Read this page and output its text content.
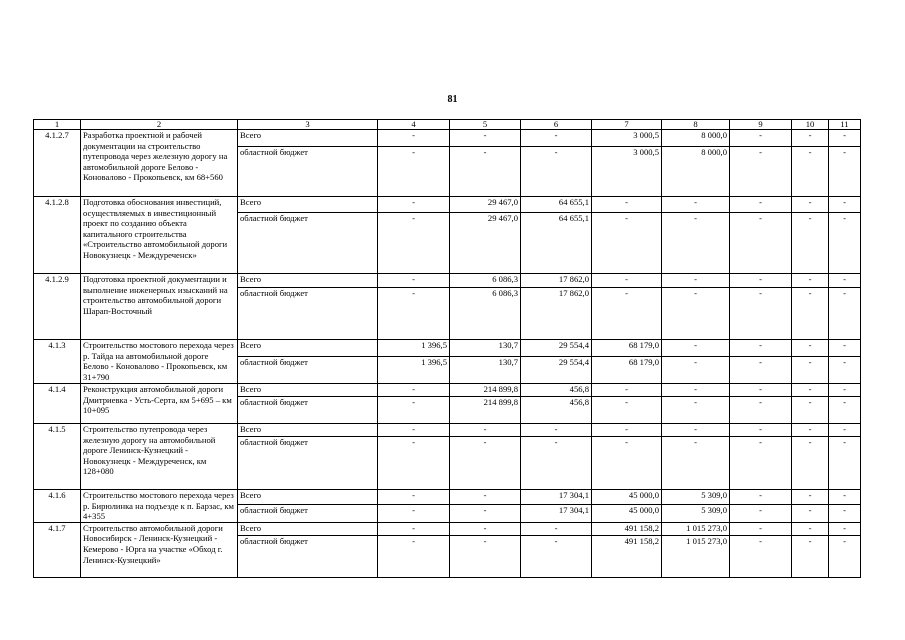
81
1	2	3	4	5	6	7	8	9	10	11
4.1.2.7	Разработка проектной и рабочей документации на строительство путепровода через железную дорогу на автомобильной дороге Белово - Коновалово - Прокопьевск, км 68+560	Всего	-	-	-	3 000,5	8 000,0	-	-	-
		областной бюджет	-	-	-	3 000,5	8 000,0	-	-	-
4.1.2.8	Подготовка обоснования инвестиций, осуществляемых в инвестиционный проект по созданию объекта капитального строительства «Строительство автомобильной дороги Новокузнецк - Междуреченск»	Всего	-	29 467,0	64 655,1	-	-	-	-	-
		областной бюджет	-	29 467,0	64 655,1	-	-	-	-	-
4.1.2.9	Подготовка проектной документации и выполнение инженерных изысканий на строительство автомобильной дороги Шарап-Восточный	Всего	-	6 086,3	17 862,0	-	-	-	-	-
		областной бюджет	-	6 086,3	17 862,0	-	-	-	-	-
4.1.3	Строительство мостового перехода через р. Тайда на автомобильной дороге Белово - Коновалово - Прокопьевск, км 31+790	Всего	1 396,5	130,7	29 554,4	68 179,0	-	-	-	-
		областной бюджет	1 396,5	130,7	29 554,4	68 179,0	-	-	-	-
4.1.4	Реконструкция автомобильной дороги Дмитриевка - Усть-Серта, км 5+695 – км 10+095	Всего	-	214 899,8	456,8	-	-	-	-	-
		областной бюджет	-	214 899,8	456,8	-	-	-	-	-
4.1.5	Строительство путепровода через железную дорогу на автомобильной дороге Ленинск-Кузнецкий - Новокузнецк - Междуреченск, км 128+080	Всего	-	-	-	-	-	-	-	-
		областной бюджет	-	-	-	-	-	-	-	-
4.1.6	Строительство мостового перехода через р. Бирюлинка на подъезде к п. Барзас, км 4+355	Всего	-	-	17 304,1	45 000,0	5 309,0	-	-	-
		областной бюджет	-	-	17 304,1	45 000,0	5 309,0	-	-	-
4.1.7	Строительство автомобильной дороги Новосибирск - Ленинск-Кузнецкий - Кемерово - Юрга на участке «Обход г. Ленинск-Кузнецкий»	Всего	-	-	-	491 158,2	1 015 273,0	-	-	-
		областной бюджет	-	-	-	491 158,2	1 015 273,0	-	-	-
